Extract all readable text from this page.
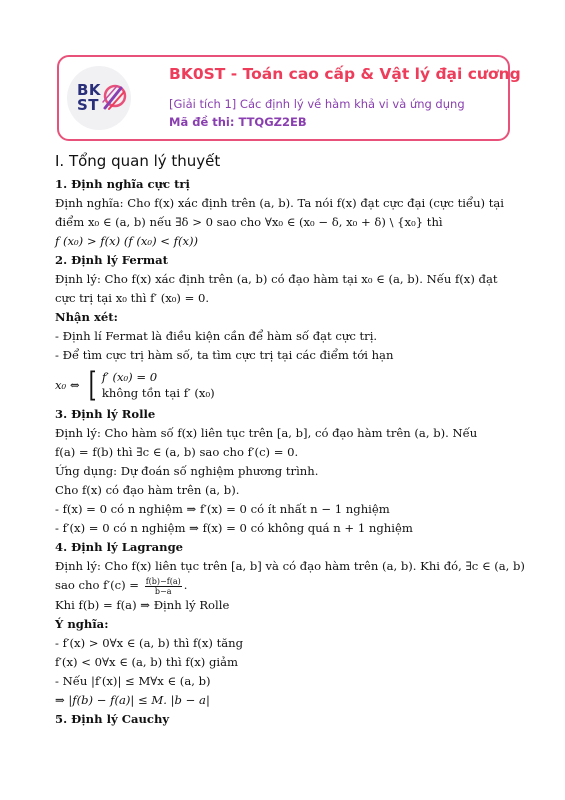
BK
ST
BK0ST - Toán cao cấp & Vật lý đại cương
[Giải tích 1] Các định lý về hàm khả vi và ứng dụng
Mã đề thi: TTQGZ2EB
I. Tổng quan lý thuyết

1. Định nghĩa cực trị

Định nghĩa: Cho f(x) xác định trên (a, b). Ta nói f(x) đạt cực đại (cực tiểu) tại

điểm x₀ ∈ (a, b) nếu ∃δ > 0 sao cho ∀x₀ ∈ (x₀ − δ, x₀ + δ) \ {x₀} thì

f (x₀) > f(x) (f (x₀) < f(x))

2. Định lý Fermat

Định lý: Cho f(x) xác định trên (a, b) có đạo hàm tại x₀ ∈ (a, b). Nếu f(x) đạt

cực trị tại x₀ thì f′ (x₀) = 0.

Nhận xét:

- Định lí Fermat là điều kiện cần để hàm số đạt cực trị.

- Để tìm cực trị hàm số, ta tìm cực trị tại các điểm tới hạn

x₀ ⇔ [ f′ (x₀) = 0
không tồn tại f′ (x₀)

3. Định lý Rolle

Định lý: Cho hàm số f(x) liên tục trên [a, b], có đạo hàm trên (a, b). Nếu

f(a) = f(b) thì ∃c ∈ (a, b) sao cho f′(c) = 0.

Ứng dụng: Dự đoán số nghiệm phương trình.

Cho f(x) có đạo hàm trên (a, b).

- f(x) = 0 có n nghiệm ⇒ f′(x) = 0 có ít nhất n − 1 nghiệm

- f′(x) = 0 có n nghiệm ⇒ f(x) = 0 có không quá n + 1 nghiệm

4. Định lý Lagrange

Định lý: Cho f(x) liên tục trên [a, b] và có đạo hàm trên (a, b). Khi đó, ∃c ∈ (a, b)

sao cho $f'(c) = \frac{f(b)-f(a)}{b-a}$ .

Khi f(b) = f(a) ⇒ Định lý Rolle

Ý nghĩa:

- f′(x) > 0∀x ∈ (a, b) thì f(x) tăng

f′(x) < 0∀x ∈ (a, b) thì f(x) giảm

- Nếu |f′(x)| ≤ M∀x ∈ (a, b)

⇒ |f(b) − f(a)| ≤ M. |b − a|

5. Định lý Cauchy
